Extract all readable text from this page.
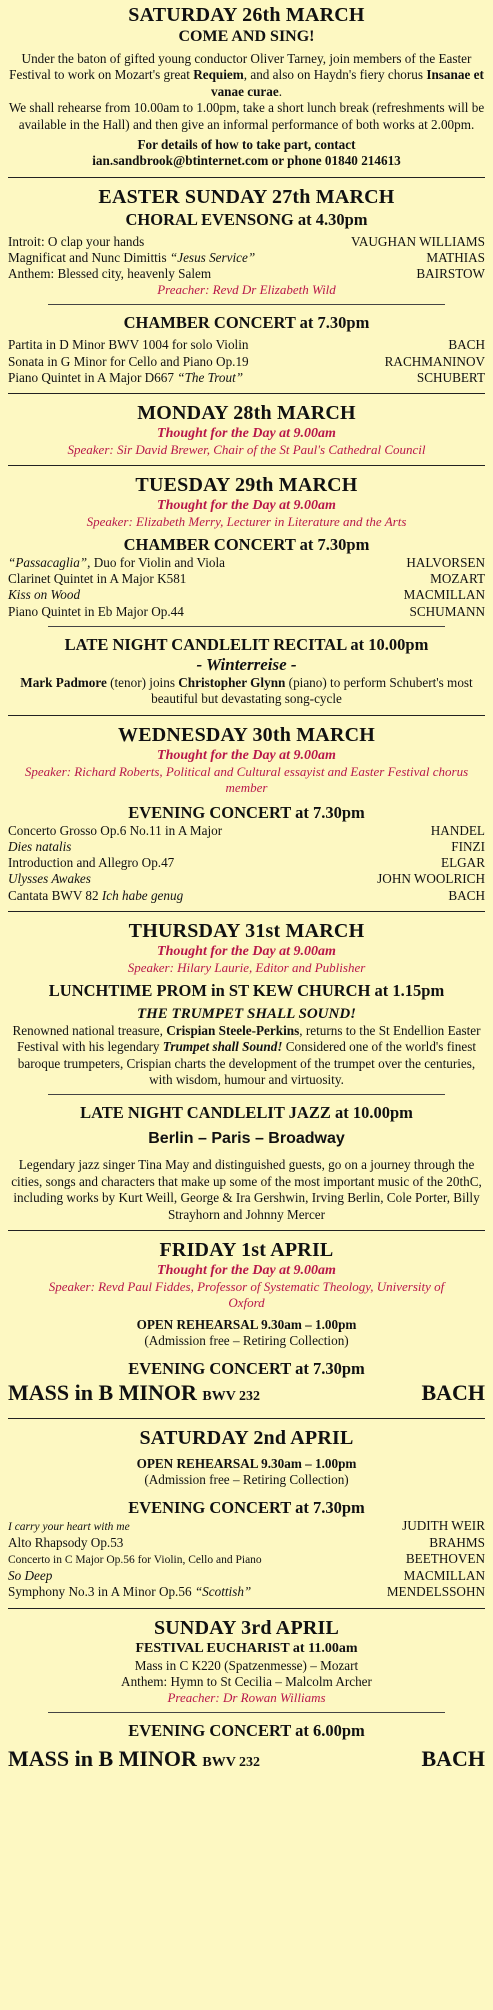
SATURDAY 26th MARCH
COME AND SING!
Under the baton of gifted young conductor Oliver Tarney, join members of the Easter Festival to work on Mozart's great Requiem, and also on Haydn's fiery chorus Insanae et vanae curae.
We shall rehearse from 10.00am to 1.00pm, take a short lunch break (refreshments will be available in the Hall) and then give an informal performance of both works at 2.00pm.
For details of how to take part, contact
ian.sandbrook@btinternet.com or phone 01840 214613
EASTER SUNDAY 27th MARCH
CHORAL EVENSONG at 4.30pm
Introit: O clap your hands	VAUGHAN WILLIAMS
Magnificat and Nunc Dimittis “Jesus Service”	MATHIAS
Anthem: Blessed city, heavenly Salem	BAIRSTOW
Preacher: Revd Dr Elizabeth Wild
CHAMBER CONCERT at 7.30pm
Partita in D Minor BWV 1004 for solo Violin	BACH
Sonata in G Minor for Cello and Piano Op.19	RACHMANINOV
Piano Quintet in A Major D667 “The Trout”	SCHUBERT
MONDAY 28th MARCH
Thought for the Day at 9.00am
Speaker: Sir David Brewer, Chair of the St Paul's Cathedral Council
TUESDAY 29th MARCH
Thought for the Day at 9.00am
Speaker: Elizabeth Merry, Lecturer in Literature and the Arts
CHAMBER CONCERT at 7.30pm
“Passacaglia”, Duo for Violin and Viola	HALVORSEN
Clarinet Quintet in A Major K581	MOZART
Kiss on Wood	MACMILLAN
Piano Quintet in Eb Major Op.44	SCHUMANN
LATE NIGHT CANDLELIT RECITAL at 10.00pm
- Winterreise -
Mark Padmore (tenor) joins Christopher Glynn (piano) to perform Schubert's most beautiful but devastating song-cycle
WEDNESDAY 30th MARCH
Thought for the Day at 9.00am
Speaker: Richard Roberts, Political and Cultural essayist and Easter Festival chorus member
EVENING CONCERT at 7.30pm
Concerto Grosso Op.6 No.11 in A Major	HANDEL
Dies natalis	FINZI
Introduction and Allegro Op.47	ELGAR
Ulysses Awakes	JOHN WOOLRICH
Cantata BWV 82 Ich habe genug	BACH
THURSDAY 31st MARCH
Thought for the Day at 9.00am
Speaker: Hilary Laurie, Editor and Publisher
LUNCHTIME PROM in ST KEW CHURCH at 1.15pm
THE TRUMPET SHALL SOUND!
Renowned national treasure, Crispian Steele-Perkins, returns to the St Endellion Easter Festival with his legendary Trumpet shall Sound! Considered one of the world's finest baroque trumpeters, Crispian charts the development of the trumpet over the centuries, with wisdom, humour and virtuosity.
LATE NIGHT CANDLELIT JAZZ at 10.00pm
Berlin – Paris – Broadway
Legendary jazz singer Tina May and distinguished guests, go on a journey through the cities, songs and characters that make up some of the most important music of the 20thC, including works by Kurt Weill, George & Ira Gershwin, Irving Berlin, Cole Porter, Billy Strayhorn and Johnny Mercer
FRIDAY 1st APRIL
Thought for the Day at 9.00am
Speaker: Revd Paul Fiddes, Professor of Systematic Theology, University of Oxford
OPEN REHEARSAL 9.30am – 1.00pm
(Admission free – Retiring Collection)
EVENING CONCERT at 7.30pm
MASS in B MINOR BWV 232	BACH
SATURDAY 2nd APRIL
OPEN REHEARSAL 9.30am – 1.00pm
(Admission free – Retiring Collection)
EVENING CONCERT at 7.30pm
I carry your heart with me	JUDITH WEIR
Alto Rhapsody Op.53	BRAHMS
Concerto in C Major Op.56 for Violin, Cello and Piano	BEETHOVEN
So Deep	MACMILLAN
Symphony No.3 in A Minor Op.56 “Scottish”	MENDELSSOHN
SUNDAY 3rd APRIL
FESTIVAL EUCHARIST at 11.00am
Mass in C K220 (Spatzenmesse) – Mozart
Anthem: Hymn to St Cecilia – Malcolm Archer
Preacher: Dr Rowan Williams
EVENING CONCERT at 6.00pm
MASS in B MINOR BWV 232	BACH
